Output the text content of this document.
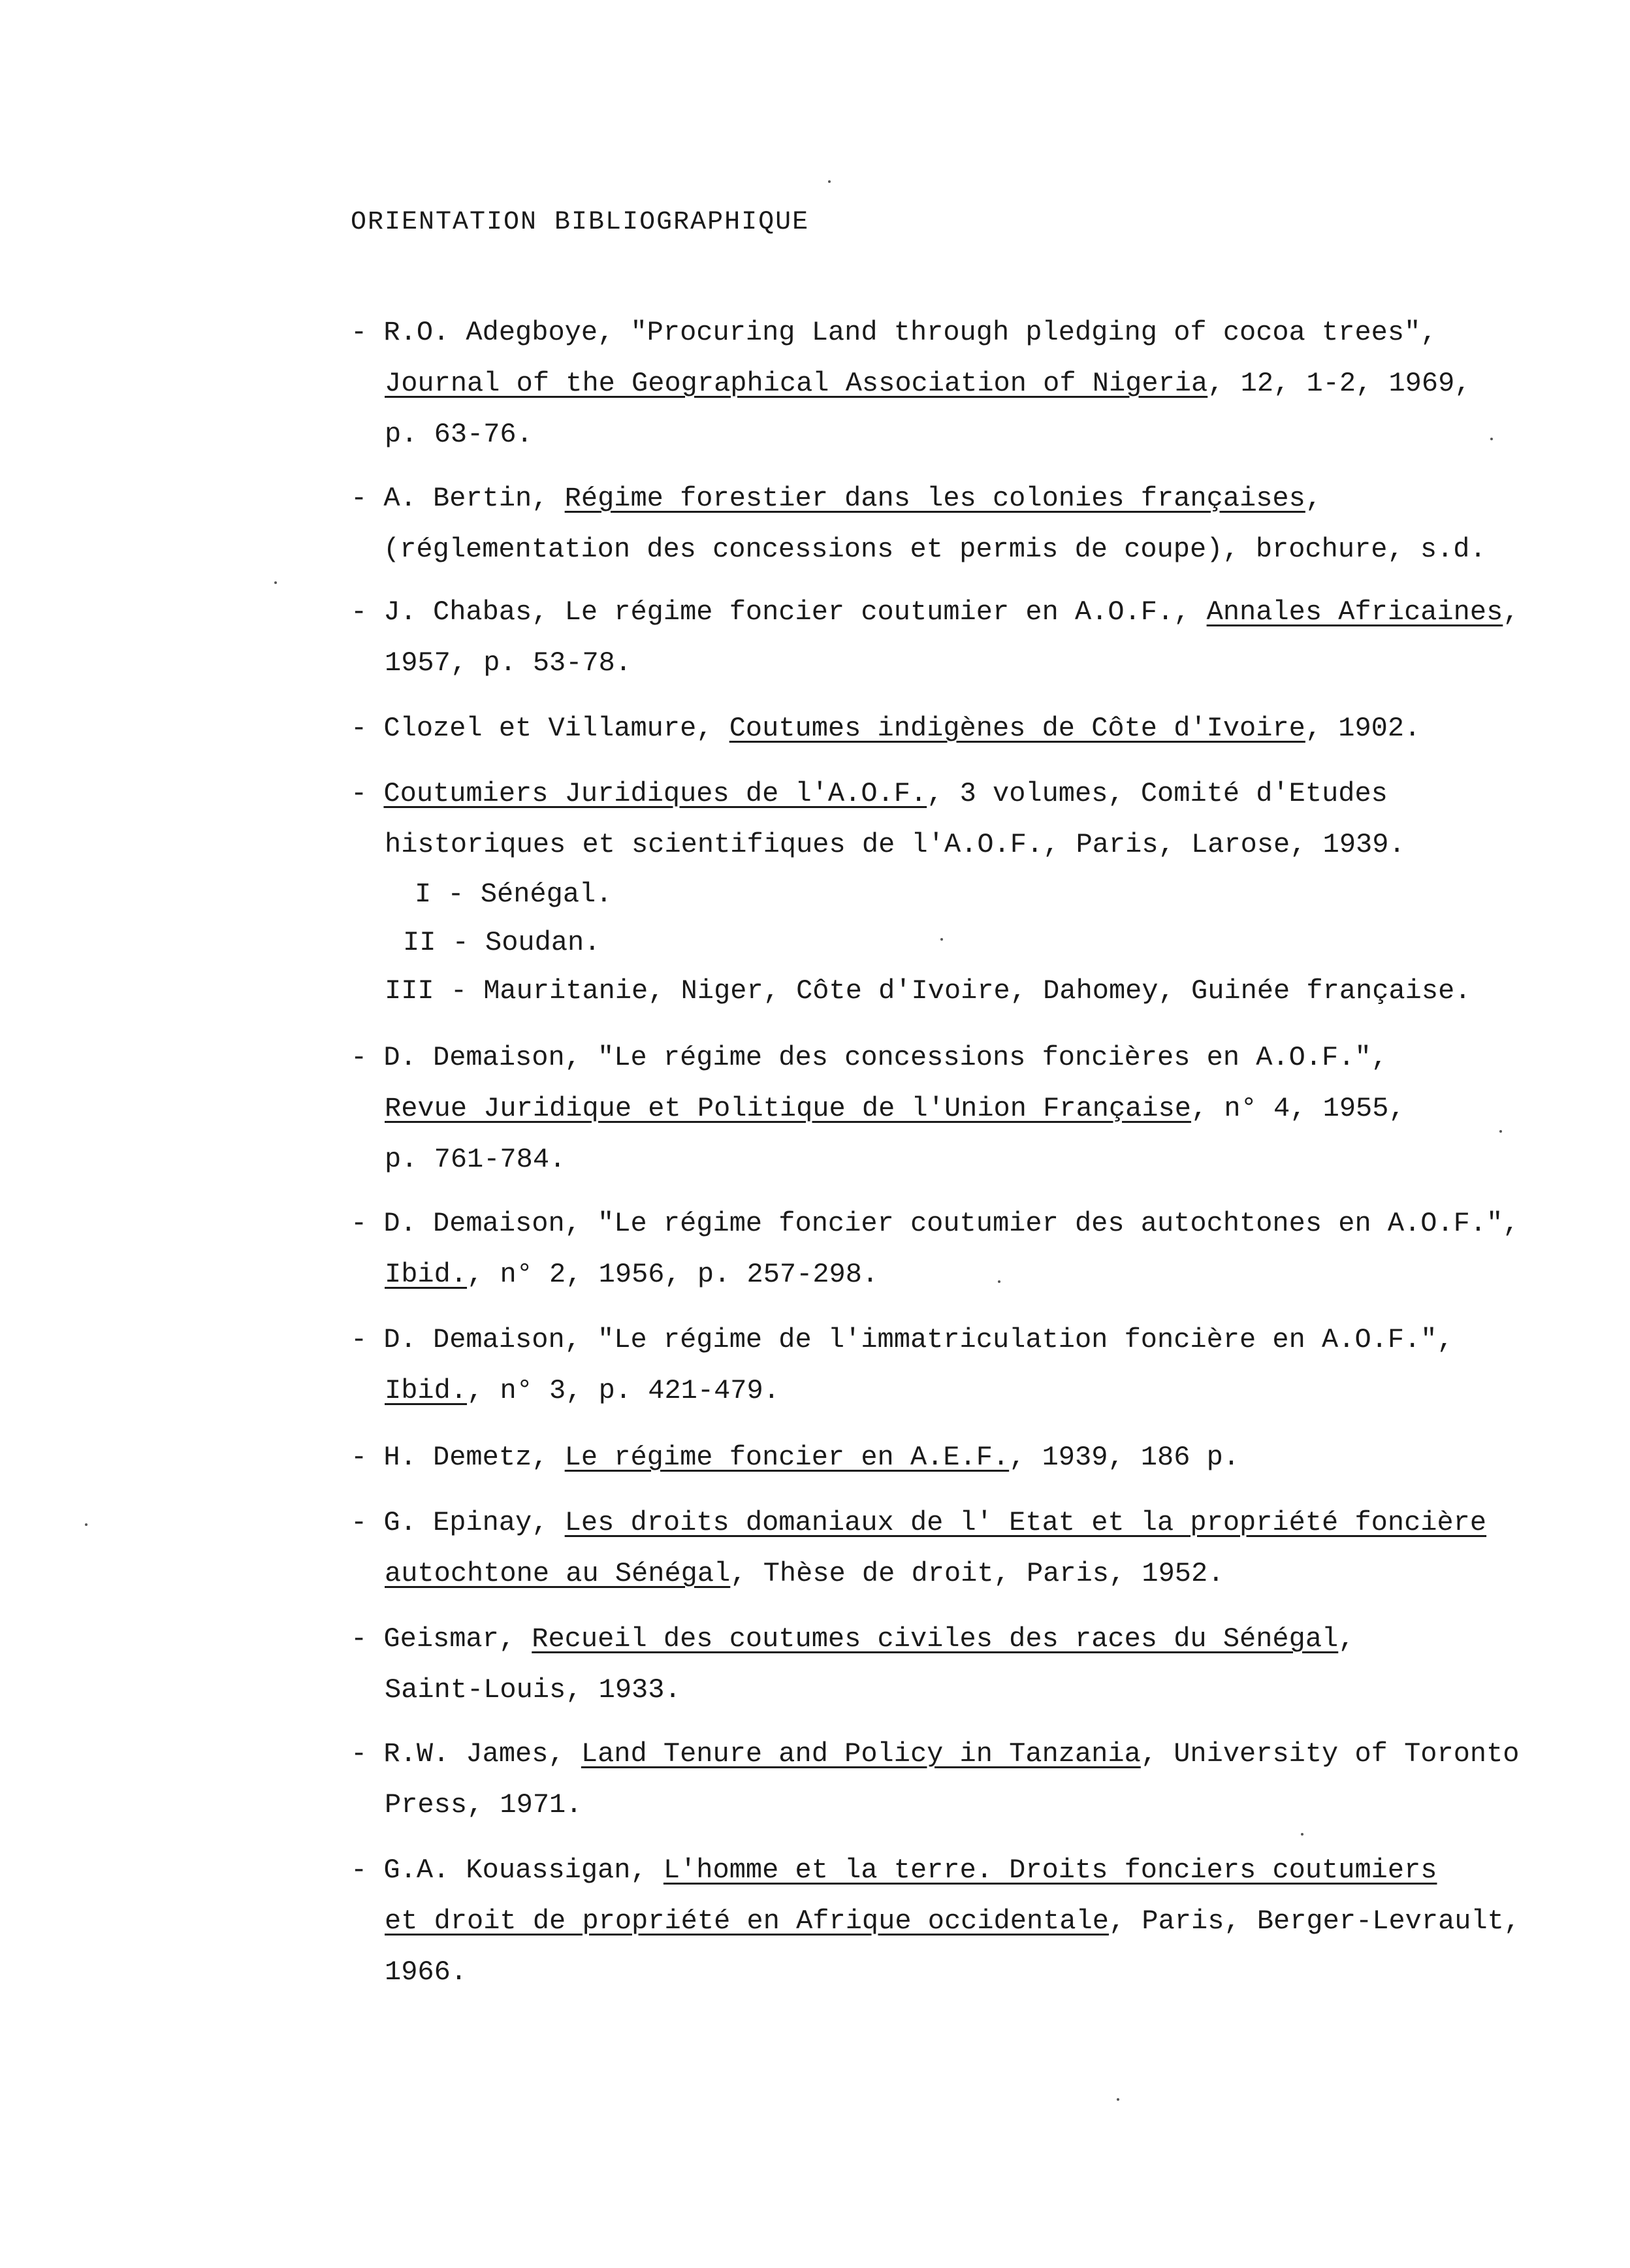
ORIENTATION BIBLIOGRAPHIQUE
- R.O. Adegboye, "Procuring Land through pledging of cocoa trees",
Journal of the Geographical Association of Nigeria, 12, 1-2, 1969,
p. 63-76.
- A. Bertin, Régime forestier dans les colonies françaises,
(réglementation des concessions et permis de coupe), brochure, s.d.
- J. Chabas, Le régime foncier coutumier en A.O.F., Annales Africaines,
1957, p. 53-78.
- Clozel et Villamure, Coutumes indigènes de Côte d'Ivoire, 1902.
- Coutumiers Juridiques de l'A.O.F., 3 volumes, Comité d'Etudes
historiques et scientifiques de l'A.O.F., Paris, Larose, 1939.
I - Sénégal.
II - Soudan.
III - Mauritanie, Niger, Côte d'Ivoire, Dahomey, Guinée française.
- D. Demaison, "Le régime des concessions foncières en A.O.F.",
Revue Juridique et Politique de l'Union Française, n° 4, 1955,
p. 761-784.
- D. Demaison, "Le régime foncier coutumier des autochtones en A.O.F.",
Ibid., n° 2, 1956, p. 257-298.
- D. Demaison, "Le régime de l'immatriculation foncière en A.O.F.",
Ibid., n° 3, p. 421-479.
- H. Demetz, Le régime foncier en A.E.F., 1939, 186 p.
- G. Epinay, Les droits domaniaux de l' Etat et la propriété foncière
autochtone au Sénégal, Thèse de droit, Paris, 1952.
- Geismar, Recueil des coutumes civiles des races du Sénégal,
Saint-Louis, 1933.
- R.W. James, Land Tenure and Policy in Tanzania, University of Toronto
Press, 1971.
- G.A. Kouassigan, L'homme et la terre. Droits fonciers coutumiers
et droit de propriété en Afrique occidentale, Paris, Berger-Levrault,
1966.
